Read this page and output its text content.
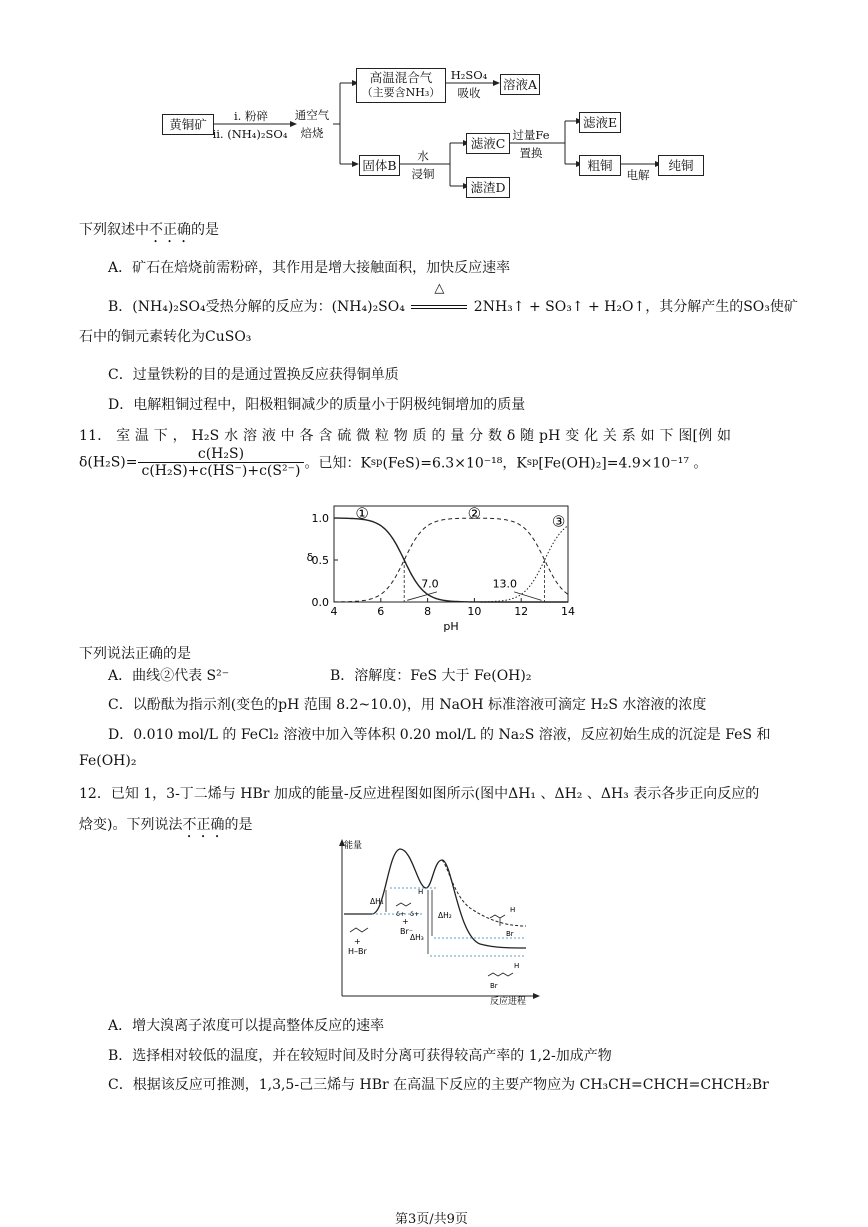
黄铜矿
ⅰ. 粉碎
ⅱ. (NH₄)₂SO₄
通空气
焙烧
高温混合气
（主要含NH₃）
H₂SO₄
吸收
溶液A
固体B
水
浸铜
滤液C
滤渣D
过量Fe
置换
滤液E
粗铜
电解
纯铜
下列叙述中不正确的是
A．矿石在焙烧前需粉碎，其作用是增大接触面积，加快反应速率
B．(NH₄)₂SO₄受热分解的反应为：(NH₄)₂SO₄
△
2NH₃↑ + SO₃↑ + H₂O↑，其分解产生的SO₃使矿
石中的铜元素转化为CuSO₃
C．过量铁粉的目的是通过置换反应获得铜单质
D．电解粗铜过程中，阳极粗铜减少的质量小于阴极纯铜增加的质量
11． 室 温 下 ， H₂S 水 溶 液 中 各 含 硫 微 粒 物 质 的 量 分 数 δ 随 pH 变 化 关 系 如 下 图[例 如
$\delta(H_2S)= \frac{\text{c(H₂S)}}{\text{c(H₂S)+c(HS⁻)+c(S²⁻)}}$ 。已知：Ksp(FeS)=6.3×10⁻¹⁸，Ksp[Fe(OH)₂]=4.9×10⁻¹⁷ 。
4	6	8	10	12	14
0.0
0.5
1.0
pH
δ
①	②	③
7.0	13.0
下列说法正确的是
A．曲线②代表 S²⁻	B．溶解度：FeS 大于 Fe(OH)₂
C．以酚酞为指示剂(变色的pH 范围 8.2~10.0)，用 NaOH 标准溶液可滴定 H₂S 水溶液的浓度
D．0.010 mol/L 的 FeCl₂ 溶液中加入等体积 0.20 mol/L 的 Na₂S 溶液，反应初始生成的沉淀是 FeS 和
Fe(OH)₂
12．已知 1，3-丁二烯与 HBr 加成的能量-反应进程图如图所示(图中ΔH₁ 、ΔH₂ 、ΔH₃ 表示各步正向反应的
焓变)。下列说法不正确的是
能量
反应进程
ΔH₁
ΔH₂
ΔH₃
+
H–Br
δ+ δ+
H
+
Br⁻
H
Br
H
Br
A．增大溴离子浓度可以提高整体反应的速率
B．选择相对较低的温度，并在较短时间及时分离可获得较高产率的 1,2-加成产物
C．根据该反应可推测，1,3,5-己三烯与 HBr 在高温下反应的主要产物应为 CH₃CH=CHCH=CHCH₂Br
第3页/共9页
